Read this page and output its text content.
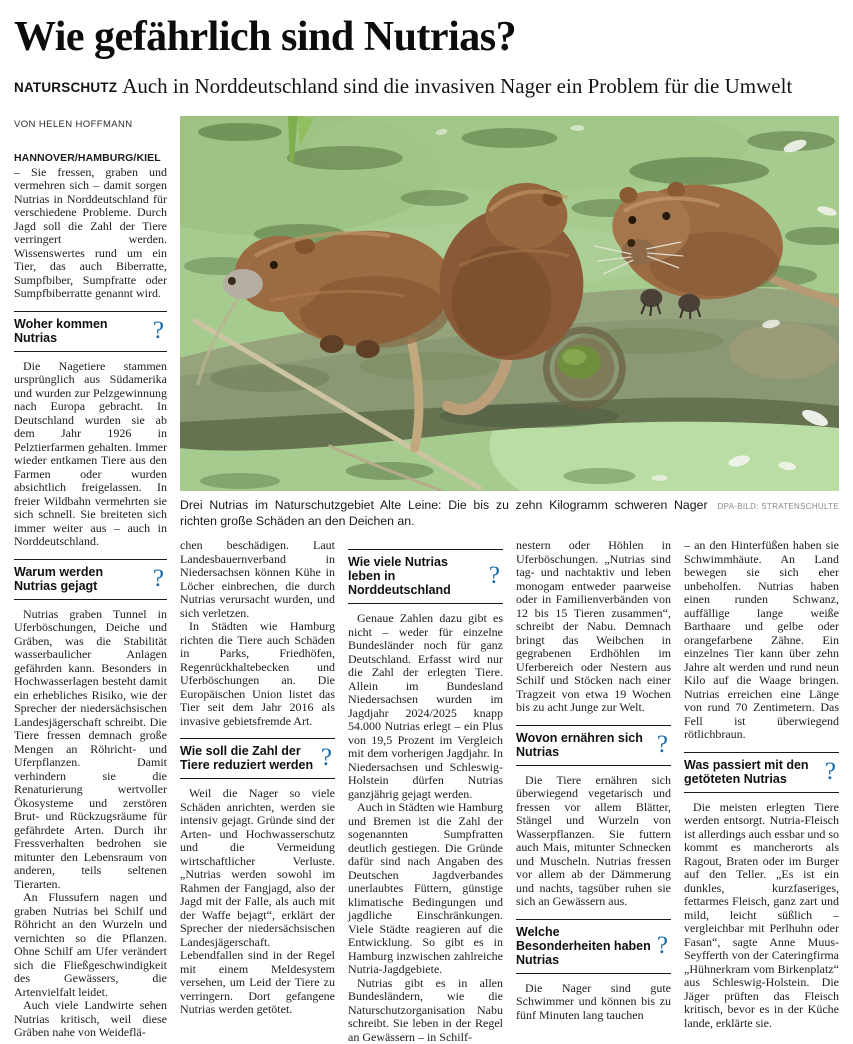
Wie gefährlich sind Nutrias?
NATURSCHUTZ Auch in Norddeutschland sind die invasiven Nager ein Problem für die Umwelt

VON HELEN HOFFMANN

HANNOVER/HAMBURG/KIEL – Sie fressen, graben und vermehren sich – damit sorgen Nutrias in Norddeutschland für verschiedene Probleme. Durch Jagd soll die Zahl der Tiere verringert werden. Wissenswertes rund um ein Tier, das auch Biberratte, Sumpfbiber, Sumpfratte oder Sumpfbiberratte genannt wird.

Woher kommen Nutrias	?

Die Nagetiere stammen ursprünglich aus Südamerika und wurden zur Pelzgewinnung nach Europa gebracht. In Deutschland wurden sie ab dem Jahr 1926 in Pelztierfarmen gehalten. Immer wieder entkamen Tiere aus den Farmen oder wurden absichtlich freigelassen. In freier Wildbahn vermehrten sie sich schnell. Sie breiteten sich immer weiter aus – auch in Norddeutschland.

Warum werden Nutrias gejagt	?

Nutrias graben Tunnel in Uferböschungen, Deiche und Gräben, was die Stabilität wasserbaulicher Anlagen gefährden kann. Besonders in Hochwasserlagen besteht damit ein erhebliches Risiko, wie der Sprecher der niedersächsischen Landesjägerschaft schreibt. Die Tiere fressen demnach große Mengen an Röhricht- und Uferpflanzen. Damit verhindern sie die Renaturierung wertvoller Ökosysteme und zerstören Brut- und Rückzugsräume für gefährdete Arten. Durch ihr Fressverhalten bedrohen sie mitunter den Lebensraum von anderen, teils seltenen Tierarten.

An Flussufern nagen und graben Nutrias bei Schilf und Röhricht an den Wurzeln und vernichten so die Pflanzen. Ohne Schilf am Ufer verändert sich die Fließgeschwindigkeit des Gewässers, die Artenvielfalt leidet.

Auch viele Landwirte sehen Nutrias kritisch, weil diese Gräben nahe von Weideflä-

DPA-BILD: STRATENSCHULTE
Drei Nutrias im Naturschutzgebiet Alte Leine: Die bis zu zehn Kilogramm schweren Nager richten große Schäden an den Deichen an.

chen beschädigen. Laut Landesbauernverband in Niedersachsen können Kühe in Löcher einbrechen, die durch Nutrias verursacht wurden, und sich verletzen.

In Städten wie Hamburg richten die Tiere auch Schäden in Parks, Friedhöfen, Regenrückhaltebecken und Uferböschungen an. Die Europäischen Union listet das Tier seit dem Jahr 2016 als invasive gebietsfremde Art.

Wie soll die Zahl der Tiere reduziert werden ?

Weil die Nager so viele Schäden anrichten, werden sie intensiv gejagt. Gründe sind der Arten- und Hochwasserschutz und die Vermeidung wirtschaftlicher Verluste. „Nutrias werden sowohl im Rahmen der Fangjagd, also der Jagd mit der Falle, als auch mit der Waffe bejagt“, erklärt der Sprecher der niedersächsischen Landesjägerschaft. Lebendfallen sind in der Regel mit einem Meldesystem versehen, um Leid der Tiere zu verringern. Dort gefangene Nutrias werden getötet.

Wie viele Nutrias leben in Norddeutschland
?

Genaue Zahlen dazu gibt es nicht – weder für einzelne Bundesländer noch für ganz Deutschland. Erfasst wird nur die Zahl der erlegten Tiere. Allein im Bundesland Niedersachsen wurden im Jagdjahr 2024/2025 knapp 54.000 Nutrias erlegt – ein Plus von 19,5 Prozent im Vergleich mit dem vorherigen Jagdjahr. In Niedersachsen und Schleswig-Holstein dürfen Nutrias ganzjährig gejagt werden.

Auch in Städten wie Hamburg und Bremen ist die Zahl der sogenannten Sumpfratten deutlich gestiegen. Die Gründe dafür sind nach Angaben des Deutschen Jagdverbandes unerlaubtes Füttern, günstige klimatische Bedingungen und jagdliche Einschränkungen. Viele Städte reagieren auf die Entwicklung. So gibt es in Hamburg inzwischen zahlreiche Nutria-Jagdgebiete.

Nutrias gibt es in allen Bundesländern, wie die Naturschutzorganisation Nabu schreibt. Sie leben in der Regel an Gewässern – in Schilf-

nestern oder Höhlen in Uferböschungen. „Nutrias sind tag- und nachtaktiv und leben monogam entweder paarweise oder in Familienverbänden von 12 bis 15 Tieren zusammen“, schreibt der Nabu. Demnach bringt das Weibchen in gegrabenen Erdhöhlen im Uferbereich oder Nestern aus Schilf und Stöcken nach einer Tragzeit von etwa 19 Wochen bis zu acht Junge zur Welt.

Wovon ernähren sich Nutrias	?

Die Tiere ernähren sich überwiegend vegetarisch und fressen vor allem Blätter, Stängel und Wurzeln von Wasserpflanzen. Sie futtern auch Mais, mitunter Schnecken und Muscheln. Nutrias fressen vor allem ab der Dämmerung und nachts, tagsüber ruhen sie sich an Gewässern aus.

Welche Besonderheiten haben Nutrias
?

Die Nager sind gute Schwimmer und können bis zu fünf Minuten lang tauchen

– an den Hinterfüßen haben sie Schwimmhäute. An Land bewegen sie sich eher unbeholfen. Nutrias haben einen runden Schwanz, auffällige lange weiße Barthaare und gelbe oder orangefarbene Zähne. Ein einzelnes Tier kann über zehn Jahre alt werden und rund neun Kilo auf die Waage bringen. Nutrias erreichen eine Länge von rund 70 Zentimetern. Das Fell ist überwiegend rötlichbraun.

Was passiert mit den getöteten Nutrias	?

Die meisten erlegten Tiere werden entsorgt. Nutria-Fleisch ist allerdings auch essbar und so kommt es mancherorts als Ragout, Braten oder im Burger auf den Teller. „Es ist ein dunkles, kurzfaseriges, fettarmes Fleisch, ganz zart und mild, leicht süßlich – vergleichbar mit Perlhuhn oder Fasan“, sagte Anne Muus-Seyfferth von der Cateringfirma „Hühnerkram vom Birkenplatz“ aus Schleswig-Holstein. Die Jäger prüften das Fleisch kritisch, bevor es in der Küche lande, erklärte sie.
